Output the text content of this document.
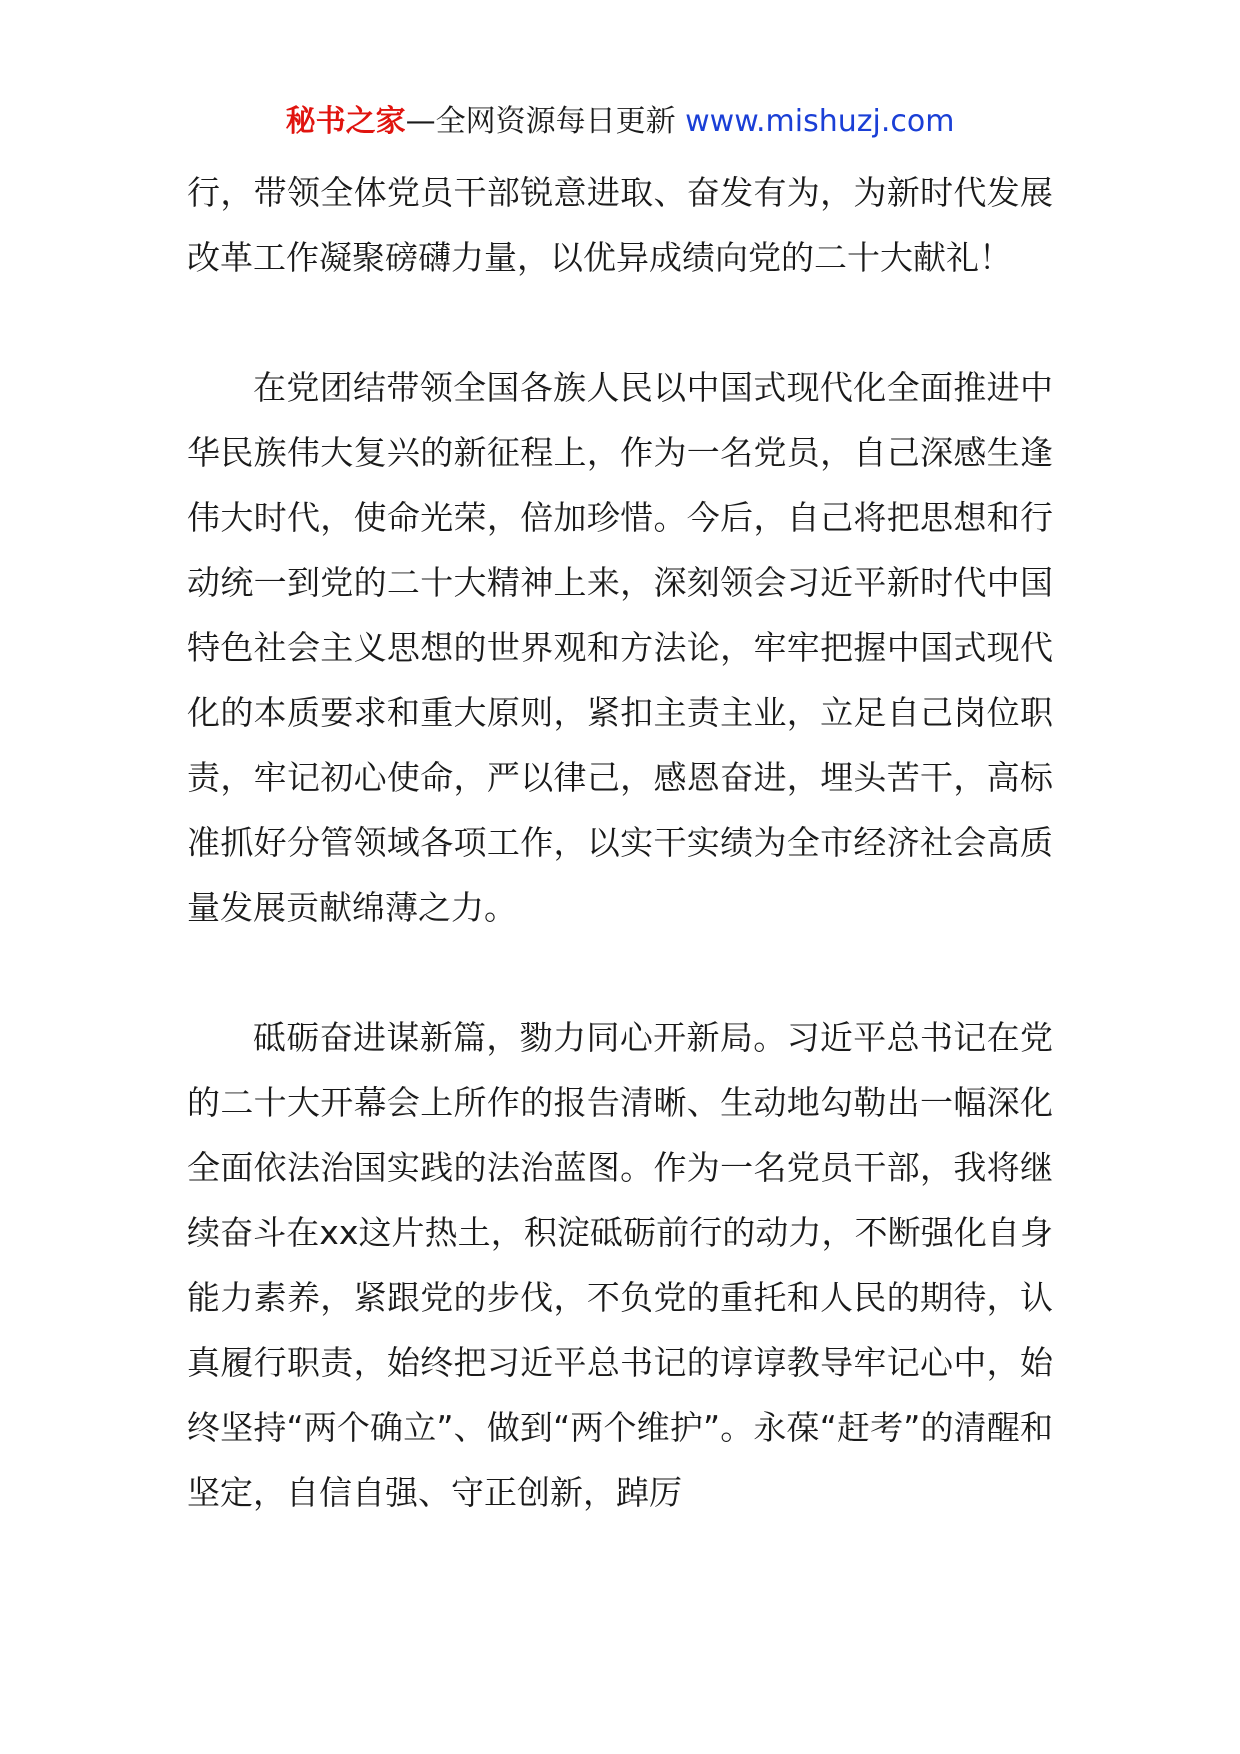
秘书之家—全网资源每日更新 www.mishuzj.com

行，带领全体党员干部锐意进取、奋发有为，为新时代发展改革工作凝聚磅礴力量，以优异成绩向党的二十大献礼！

在党团结带领全国各族人民以中国式现代化全面推进中华民族伟大复兴的新征程上，作为一名党员，自己深感生逢伟大时代，使命光荣，倍加珍惜。今后，自己将把思想和行动统一到党的二十大精神上来，深刻领会习近平新时代中国特色社会主义思想的世界观和方法论，牢牢把握中国式现代化的本质要求和重大原则，紧扣主责主业，立足自己岗位职责，牢记初心使命，严以律己，感恩奋进，埋头苦干，高标准抓好分管领域各项工作，以实干实绩为全市经济社会高质量发展贡献绵薄之力。

砥砺奋进谋新篇，勠力同心开新局。习近平总书记在党的二十大开幕会上所作的报告清晰、生动地勾勒出一幅深化全面依法治国实践的法治蓝图。作为一名党员干部，我将继续奋斗在xx这片热土，积淀砥砺前行的动力，不断强化自身能力素养，紧跟党的步伐，不负党的重托和人民的期待，认真履行职责，始终把习近平总书记的谆谆教导牢记心中，始终坚持“两个确立”、做到“两个维护”。永葆“赶考”的清醒和坚定，自信自强、守正创新，踔厉
